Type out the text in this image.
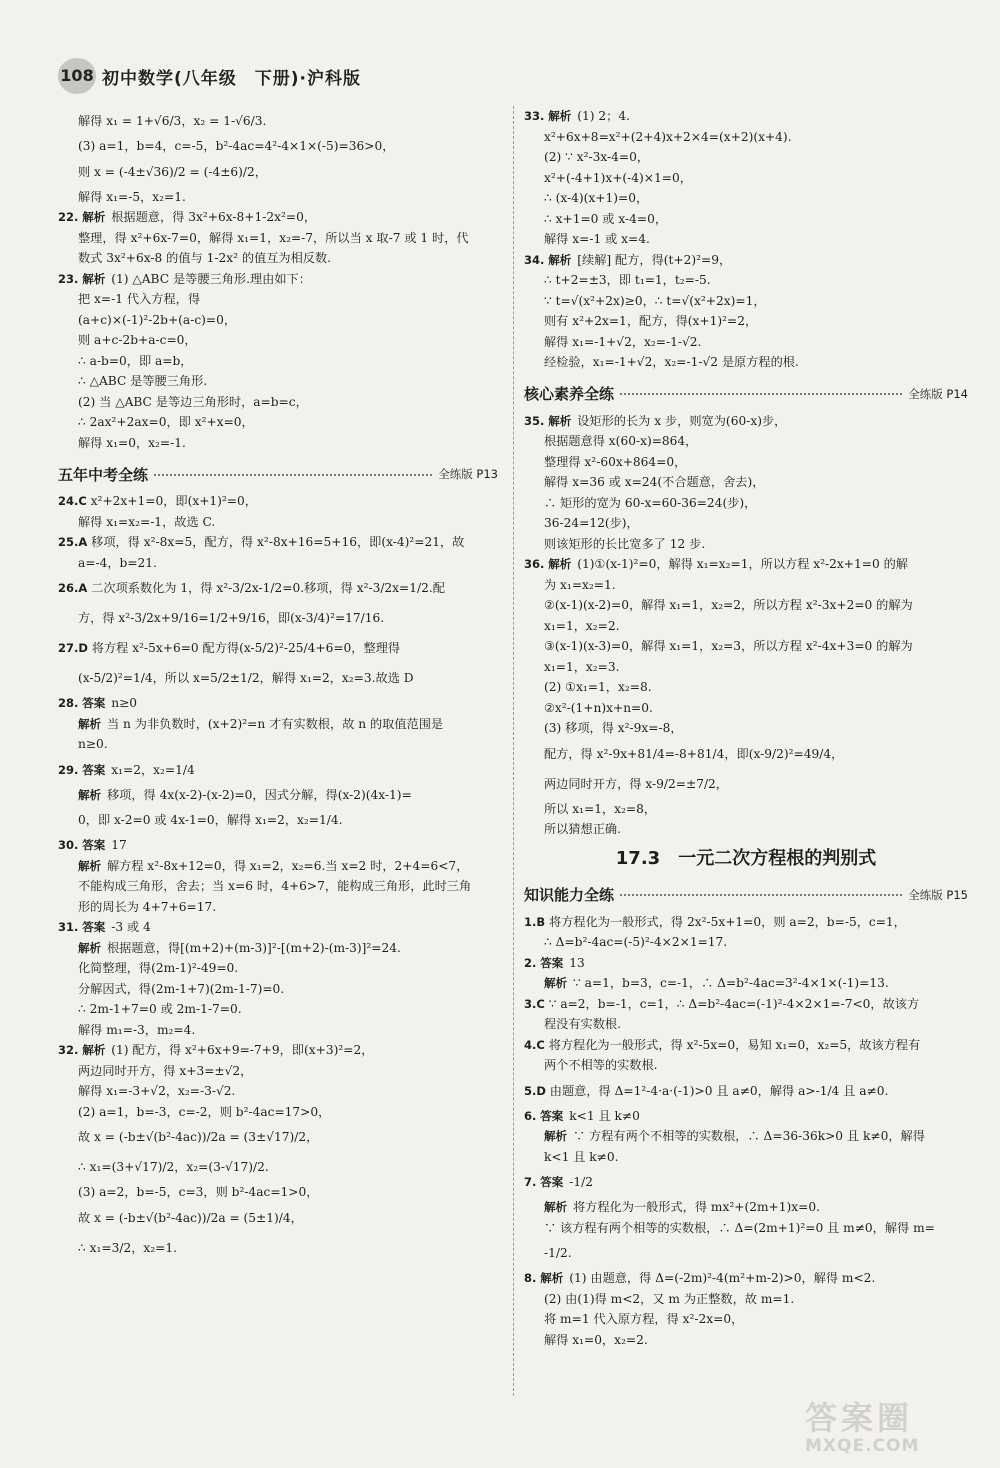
108 初中数学(八年级　下册)·沪科版
解得 x₁ = 1+√6/3，x₂ = 1-√6/3.
(3) a=1，b=4，c=-5，b²-4ac=4²-4×1×(-5)=36>0，
则 x = (-4±√36)/2 = (-4±6)/2，
解得 x₁=-5，x₂=1.
22. 解析 根据题意，得 3x²+6x-8+1-2x²=0，
整理，得 x²+6x-7=0，解得 x₁=1，x₂=-7，所以当 x 取-7 或 1 时，代
数式 3x²+6x-8 的值与 1-2x² 的值互为相反数.
23. 解析 (1) △ABC 是等腰三角形.理由如下：
把 x=-1 代入方程，得
(a+c)×(-1)²-2b+(a-c)=0，
则 a+c-2b+a-c=0，
∴ a-b=0，即 a=b，
∴ △ABC 是等腰三角形.
(2) 当 △ABC 是等边三角形时，a=b=c，
∴ 2ax²+2ax=0，即 x²+x=0，
解得 x₁=0，x₂=-1.
五年中考全练	全练版 P13
24.C x²+2x+1=0，即(x+1)²=0，
解得 x₁=x₂=-1，故选 C.
25.A 移项，得 x²-8x=5，配方，得 x²-8x+16=5+16，即(x-4)²=21，故
a=-4，b=21.
26.A 二次项系数化为 1，得 x²-3/2x-1/2=0.移项，得 x²-3/2x=1/2.配
方，得 x²-3/2x+9/16=1/2+9/16，即(x-3/4)²=17/16.
27.D 将方程 x²-5x+6=0 配方得(x-5/2)²-25/4+6=0，整理得
(x-5/2)²=1/4，所以 x=5/2±1/2，解得 x₁=2，x₂=3.故选 D
28. 答案 n≥0
解析 当 n 为非负数时，(x+2)²=n 才有实数根，故 n 的取值范围是
n≥0.
29. 答案 x₁=2，x₂=1/4
解析 移项，得 4x(x-2)-(x-2)=0，因式分解，得(x-2)(4x-1)=
0，即 x-2=0 或 4x-1=0，解得 x₁=2，x₂=1/4.
30. 答案 17
解析 解方程 x²-8x+12=0，得 x₁=2，x₂=6.当 x=2 时，2+4=6<7，
不能构成三角形，舍去；当 x=6 时，4+6>7，能构成三角形，此时三角
形的周长为 4+7+6=17.
31. 答案 -3 或 4
解析 根据题意，得[(m+2)+(m-3)]²-[(m+2)-(m-3)]²=24.
化简整理，得(2m-1)²-49=0.
分解因式，得(2m-1+7)(2m-1-7)=0.
∴ 2m-1+7=0 或 2m-1-7=0.
解得 m₁=-3，m₂=4.
32. 解析 (1) 配方，得 x²+6x+9=-7+9，即(x+3)²=2，
两边同时开方，得 x+3=±√2，
解得 x₁=-3+√2，x₂=-3-√2.
(2) a=1，b=-3，c=-2，则 b²-4ac=17>0，
故 x = (-b±√(b²-4ac))/2a = (3±√17)/2，
∴ x₁=(3+√17)/2，x₂=(3-√17)/2.
(3) a=2，b=-5，c=3，则 b²-4ac=1>0，
故 x = (-b±√(b²-4ac))/2a = (5±1)/4，
∴ x₁=3/2，x₂=1.
33. 解析 (1) 2；4.
x²+6x+8=x²+(2+4)x+2×4=(x+2)(x+4).
(2) ∵ x²-3x-4=0，
x²+(-4+1)x+(-4)×1=0，
∴ (x-4)(x+1)=0，
∴ x+1=0 或 x-4=0，
解得 x=-1 或 x=4.
34. 解析 [续解] 配方，得(t+2)²=9，
∴ t+2=±3，即 t₁=1，t₂=-5.
∵ t=√(x²+2x)≥0，∴ t=√(x²+2x)=1，
则有 x²+2x=1，配方，得(x+1)²=2，
解得 x₁=-1+√2，x₂=-1-√2.
经检验，x₁=-1+√2，x₂=-1-√2 是原方程的根.
核心素养全练	全练版 P14
35. 解析 设矩形的长为 x 步，则宽为(60-x)步，
根据题意得 x(60-x)=864，
整理得 x²-60x+864=0，
解得 x=36 或 x=24(不合题意，舍去)，
∴ 矩形的宽为 60-x=60-36=24(步)，
36-24=12(步)，
则该矩形的长比宽多了 12 步.
36. 解析 (1)①(x-1)²=0，解得 x₁=x₂=1，所以方程 x²-2x+1=0 的解
为 x₁=x₂=1.
②(x-1)(x-2)=0，解得 x₁=1，x₂=2，所以方程 x²-3x+2=0 的解为
x₁=1，x₂=2.
③(x-1)(x-3)=0，解得 x₁=1，x₂=3，所以方程 x²-4x+3=0 的解为
x₁=1，x₂=3.
(2) ①x₁=1，x₂=8.
②x²-(1+n)x+n=0.
(3) 移项，得 x²-9x=-8，
配方，得 x²-9x+81/4=-8+81/4，即(x-9/2)²=49/4，
两边同时开方，得 x-9/2=±7/2，
所以 x₁=1，x₂=8，
所以猜想正确.
17.3　一元二次方程根的判别式
知识能力全练	全练版 P15
1.B 将方程化为一般形式，得 2x²-5x+1=0，则 a=2，b=-5，c=1，
∴ Δ=b²-4ac=(-5)²-4×2×1=17.
2. 答案 13
解析 ∵ a=1，b=3，c=-1，∴ Δ=b²-4ac=3²-4×1×(-1)=13.
3.C ∵ a=2，b=-1，c=1，∴ Δ=b²-4ac=(-1)²-4×2×1=-7<0，故该方
程没有实数根.
4.C 将方程化为一般形式，得 x²-5x=0，易知 x₁=0，x₂=5，故该方程有
两个不相等的实数根.
5.D 由题意，得 Δ=1²-4·a·(-1)>0 且 a≠0，解得 a>-1/4 且 a≠0.
6. 答案 k<1 且 k≠0
解析 ∵ 方程有两个不相等的实数根，∴ Δ=36-36k>0 且 k≠0，解得
k<1 且 k≠0.
7. 答案 -1/2
解析 将方程化为一般形式，得 mx²+(2m+1)x=0.
∵ 该方程有两个相等的实数根，∴ Δ=(2m+1)²=0 且 m≠0，解得 m=
-1/2.
8. 解析 (1) 由题意，得 Δ=(-2m)²-4(m²+m-2)>0，解得 m<2.
(2) 由(1)得 m<2，又 m 为正整数，故 m=1.
将 m=1 代入原方程，得 x²-2x=0，
解得 x₁=0，x₂=2.
答案圈
MXQE.COM
